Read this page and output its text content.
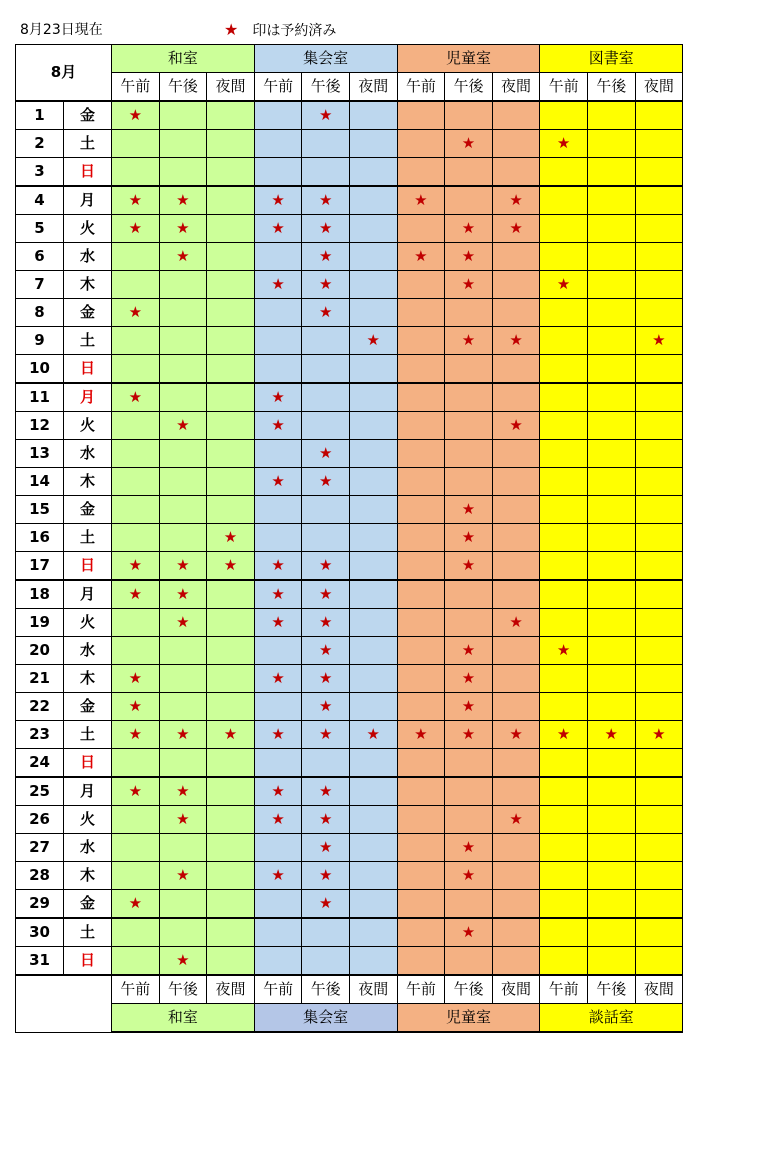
8月23日現在	★ 印は予約済み
8月		和室			集会室			児童室			図書室		
		午前	午後	夜間	午前	午後	夜間	午前	午後	夜間	午前	午後	夜間
1	金	★				★							
2	土								★		★		
3	日												
4	月	★	★		★	★		★		★			
5	火	★	★		★	★			★	★			
6	水		★			★		★	★				
7	木				★	★			★		★		
8	金	★				★							
9	土						★		★	★			★
10	日												
11	月	★			★								
12	火		★		★					★			
13	水					★							
14	木				★	★							
15	金								★				
16	土			★					★				
17	日	★	★	★	★	★			★				
18	月	★	★		★	★							
19	火		★		★	★				★			
20	水					★			★		★		
21	木	★			★	★			★				
22	金	★				★			★				
23	土	★	★	★	★	★	★	★	★	★	★	★	★
24	日												
25	月	★	★		★	★							
26	火		★		★	★				★			
27	水					★			★				
28	木		★		★	★			★				
29	金	★				★							
30	土								★				
31	日		★										
		午前	午後	夜間	午前	午後	夜間	午前	午後	夜間	午前	午後	夜間
		和室			集会室			児童室			談話室		
